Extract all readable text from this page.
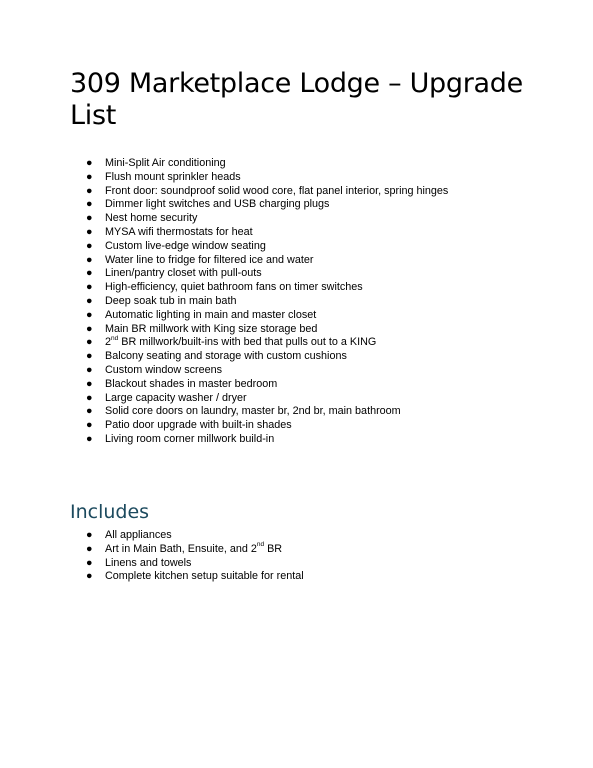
309 Marketplace Lodge – Upgrade List
●	Mini-Split Air conditioning
●	Flush mount sprinkler heads
●	Front door: soundproof solid wood core, flat panel interior, spring hinges
●	Dimmer light switches and USB charging plugs
●	Nest home security
●	MYSA wifi thermostats for heat
●	Custom live-edge window seating
●	Water line to fridge for filtered ice and water
●	Linen/pantry closet with pull-outs
●	High-efficiency, quiet bathroom fans on timer switches
●	Deep soak tub in main bath
●	Automatic lighting in main and master closet
●	Main BR millwork with King size storage bed
●	2nd BR millwork/built-ins with bed that pulls out to a KING
●	Balcony seating and storage with custom cushions
●	Custom window screens
●	Blackout shades in master bedroom
●	Large capacity washer / dryer
●	Solid core doors on laundry, master br, 2nd br, main bathroom
●	Patio door upgrade with built-in shades
●	Living room corner millwork build-in
Includes
●	All appliances
●	Art in Main Bath, Ensuite, and 2nd BR
●	Linens and towels
●	Complete kitchen setup suitable for rental
